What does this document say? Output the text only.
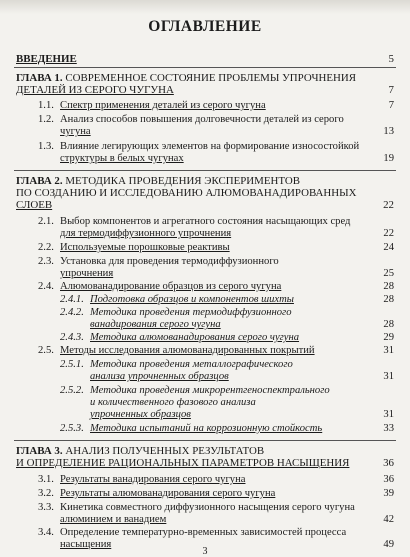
ОГЛАВЛЕНИЕ
ВВЕДЕНИЕ	5
ГЛАВА 1. СОВРЕМЕННОЕ СОСТОЯНИЕ ПРОБЛЕМЫ УПРОЧНЕНИЯ
ДЕТАЛЕЙ ИЗ СЕРОГО ЧУГУНА	7
1.1. Спектр применения деталей из серого чугуна	7
1.2. Анализ способов повышения долговечности деталей из серого
чугуна	13
1.3. Влияние легирующих элементов на формирование износостойкой
структуры в белых чугунах	19
ГЛАВА 2. МЕТОДИКА ПРОВЕДЕНИЯ ЭКСПЕРИМЕНТОВ
ПО СОЗДАНИЮ И ИССЛЕДОВАНИЮ АЛЮМОВАНАДИРОВАННЫХ
СЛОЕВ	22
2.1. Выбор компонентов и агрегатного состояния насыщающих сред
для термодиффузионного упрочнения	22
2.2. Используемые порошковые реактивы	24
2.3. Установка для проведения термодиффузионного
упрочнения	25
2.4. Алюмованадирование образцов из серого чугуна	28
2.4.1. Подготовка образцов и компонентов шихты	28
2.4.2. Методика проведения термодиффузионного
ванадирования серого чугуна	28
2.4.3. Методика алюмованадирования серого чугуна	29
2.5. Методы исследования алюмованадированных покрытий	31
2.5.1. Методика проведения металлографического
анализа упрочненных образцов	31
2.5.2. Методика проведения микрорентгеноспектрального
и количественного фазового анализа
упрочненных образцов	31
2.5.3. Методика испытаний на коррозионную стойкость	33
ГЛАВА 3. АНАЛИЗ ПОЛУЧЕННЫХ РЕЗУЛЬТАТОВ
И ОПРЕДЕЛЕНИЕ РАЦИОНАЛЬНЫХ ПАРАМЕТРОВ НАСЫЩЕНИЯ	36
3.1. Результаты ванадирования серого чугуна	36
3.2. Результаты алюмованадирования серого чугуна	39
3.3. Кинетика совместного диффузионного насыщения серого чугуна
алюминием и ванадием	42
3.4. Определение температурно-временных зависимостей процесса
насыщения	49
3
